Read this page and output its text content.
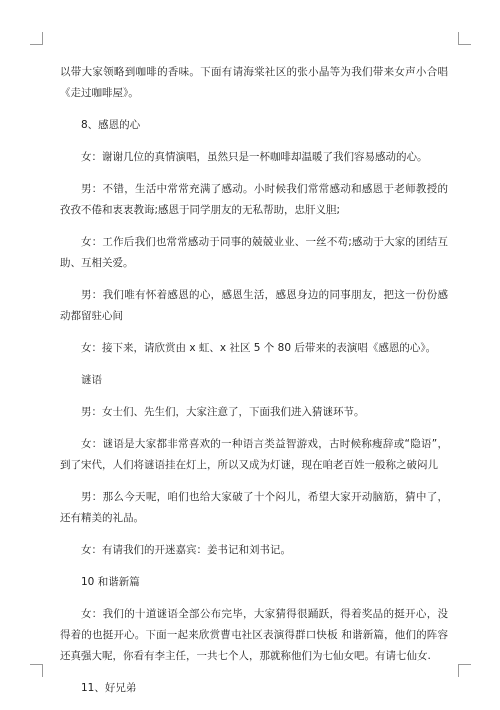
以带大家领略到咖啡的香味。下面有请海棠社区的张小晶等为我们带来女声小合唱《走过咖啡屋》。

8、感恩的心

女：谢谢几位的真情演唱，虽然只是一杯咖啡却温暖了我们容易感动的心。

男：不错，生活中常常充满了感动。小时候我们常常感动和感恩于老师教授的孜孜不倦和衷衷教诲;感恩于同学朋友的无私帮助，忠肝义胆;

女：工作后我们也常常感动于同事的兢兢业业、一丝不苟;感动于大家的团结互助、互相关爱。

男：我们唯有怀着感恩的心，感恩生活，感恩身边的同事朋友，把这一份份感动都留驻心间

女：接下来，请欣赏由 x 虹、x 社区 5 个 80 后带来的表演唱《感恩的心》。

谜语

男：女士们、先生们，大家注意了，下面我们进入猜谜环节。

女：谜语是大家都非常喜欢的一种语言类益智游戏，古时候称瘦辞或“隐语”， 到了宋代，人们将谜语挂在灯上，所以又成为灯谜，现在咱老百姓一般称之破闷儿

男：那么今天呢，咱们也给大家破了十个闷儿，希望大家开动脑筋，猜中了，还有精美的礼品。

女：有请我们的开迷嘉宾：姜书记和刘书记。

10 和谐新篇

女：我们的十道谜语全部公布完毕，大家猜得很踊跃，得着奖品的挺开心，没得着的也挺开心。下面一起来欣赏曹屯社区表演得群口快板 和谐新篇，他们的阵容还真强大呢，你看有李主任，一共七个人，那就称他们为七仙女吧。有请七仙女.

11、好兄弟
